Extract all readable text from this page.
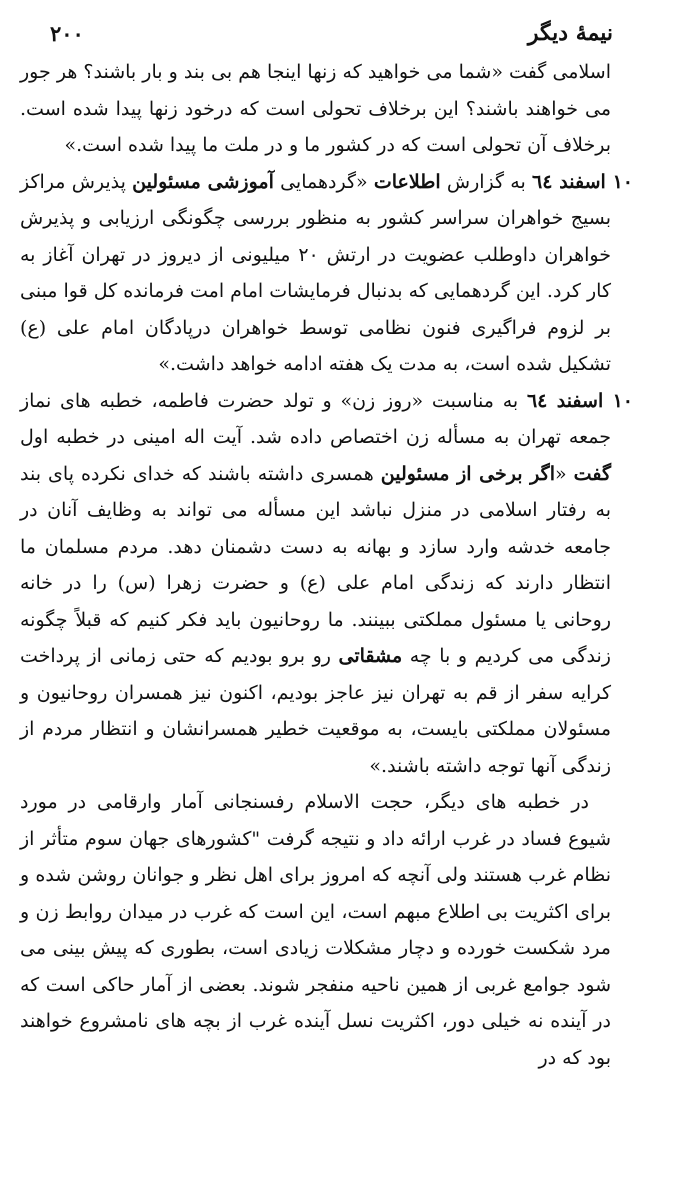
نیمهٔ دیگر
۲۰۰

اسلامی گفت «شما می خواهید که زنها اینجا هم بی بند و بار باشند؟ هر جور می خواهند باشند؟ این برخلاف تحولی است که درخود زنها پیدا شده است. برخلاف آن تحولی است که در کشور ما و در ملت ما پیدا شده است.»

۱۰ اسفند ٦٤ به گزارش اطلاعات «گردهمایی آموزشی مسئولین پذیرش مراکز بسیج خواهران سراسر کشور به منظور بررسی چگونگی ارزیابی و پذیرش خواهران داوطلب عضویت در ارتش ۲۰ میلیونی از دیروز در تهران آغاز به کار کرد. این گردهمایی که بدنبال فرمایشات امام امت فرمانده کل قوا مبنی بر لزوم فراگیری فنون نظامی توسط خواهران درپادگان امام علی (ع) تشکیل شده است، به مدت یک هفته ادامه خواهد داشت.»

۱۰ اسفند ٦٤ به مناسبت «روز زن» و تولد حضرت فاطمه، خطبه های نماز جمعه تهران به مسأله زن اختصاص داده شد. آیت اله امینی در خطبه اول گفت «اگر برخی از مسئولین همسری داشته باشند که خدای نکرده پای بند به رفتار اسلامی در منزل نباشد این مسأله می تواند به وظایف آنان در جامعه خدشه وارد سازد و بهانه به دست دشمنان دهد. مردم مسلمان ما انتظار دارند که زندگی امام علی (ع) و حضرت زهرا (س) را در خانه روحانی یا مسئول مملکتی ببینند. ما روحانیون باید فکر کنیم که قبلاً چگونه زندگی می کردیم و با چه مشقاتی رو برو بودیم که حتی زمانی از پرداخت کرایه سفر از قم به تهران نیز عاجز بودیم، اکنون نیز همسران روحانیون و مسئولان مملکتی بایست، به موقعیت خطیر همسرانشان و انتظار مردم از زندگی آنها توجه داشته باشند.»

در خطبه های دیگر، حجت الاسلام رفسنجانی آمار وارقامی در مورد شیوع فساد در غرب ارائه داد و نتیجه گرفت "کشورهای جهان سوم متأثر از نظام غرب هستند ولی آنچه که امروز برای اهل نظر و جوانان روشن شده و برای اکثریت بی اطلاع مبهم است، این است که غرب در میدان روابط زن و مرد شکست خورده و دچار مشکلات زیادی است، بطوری که پیش بینی می شود جوامع غربی از همین ناحیه منفجر شوند. بعضی از آمار حاکی است که در آینده نه خیلی دور، اکثریت نسل آینده غرب از بچه های نامشروع خواهند بود که در
